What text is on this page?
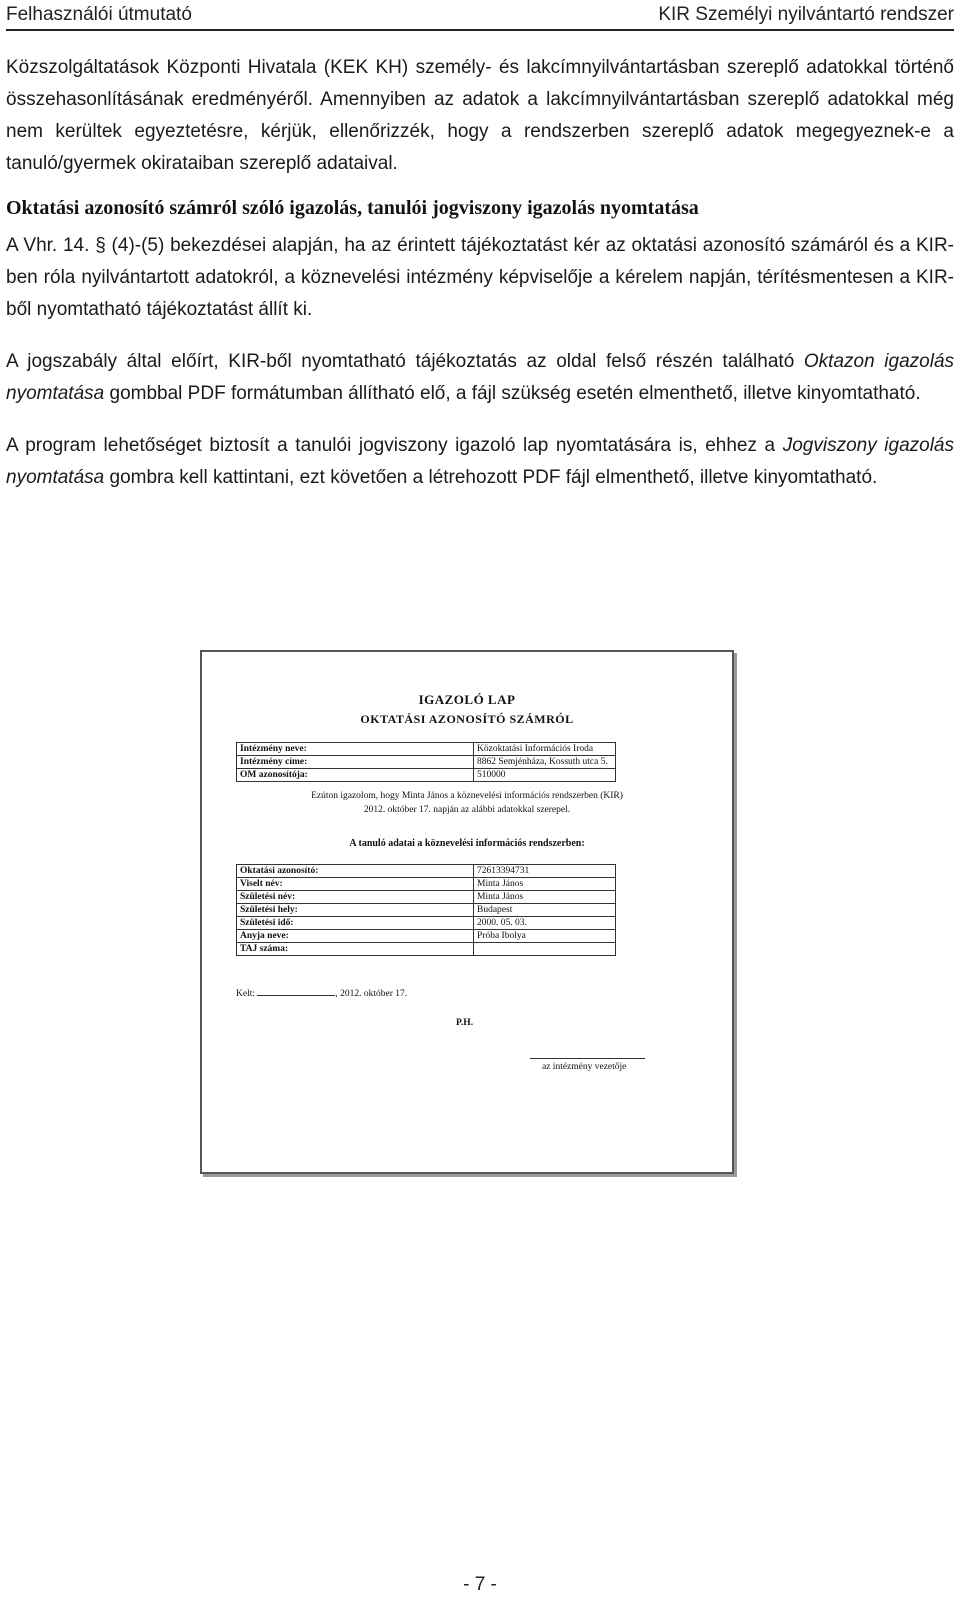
Felhasználói útmutató	KIR Személyi nyilvántartó rendszer

Közszolgáltatások Központi Hivatala (KEK KH) személy- és lakcímnyilvántartásban szereplő adatokkal történő összehasonlításának eredményéről. Amennyiben az adatok a lakcímnyilvántartásban szereplő adatokkal még nem kerültek egyeztetésre, kérjük, ellenőrizzék, hogy a rendszerben szereplő adatok megegyeznek-e a tanuló/gyermek okirataiban szereplő adataival.

Oktatási azonosító számról szóló igazolás, tanulói jogviszony igazolás nyomtatása

A Vhr. 14. § (4)-(5) bekezdései alapján, ha az érintett tájékoztatást kér az oktatási azonosító számáról és a KIR-ben róla nyilvántartott adatokról, a köznevelési intézmény képviselője a kérelem napján, térítésmentesen a KIR-ből nyomtatható tájékoztatást állít ki.

A jogszabály által előírt, KIR-ből nyomtatható tájékoztatás az oldal felső részén található Oktazon igazolás nyomtatása gombbal PDF formátumban állítható elő, a fájl szükség esetén elmenthető, illetve kinyomtatható.

A program lehetőséget biztosít a tanulói jogviszony igazoló lap nyomtatására is, ehhez a Jogviszony igazolás nyomtatása gombra kell kattintani, ezt követően a létrehozott PDF fájl elmenthető, illetve kinyomtatható.

IGAZOLÓ LAP
OKTATÁSI AZONOSÍTÓ SZÁMRÓL
Intézmény neve:	Közoktatási Információs Iroda
Intézmény címe:	8862 Semjénháza, Kossuth utca 5.
OM azonosítója:	510000
Ezúton igazolom, hogy Minta János a köznevelési információs rendszerben (KIR)
2012. október 17. napján az alábbi adatokkal szerepel.
A tanuló adatai a köznevelési információs rendszerben:
Oktatási azonosító:	72613394731
Viselt név:	Minta János
Születési név:	Minta János
Születési hely:	Budapest
Születési idő:	2000. 05. 03.
Anyja neve:	Próba Ibolya
TAJ száma:	
Kelt:	, 2012. október 17.
P.H.
az intézmény vezetője
- 7 -
